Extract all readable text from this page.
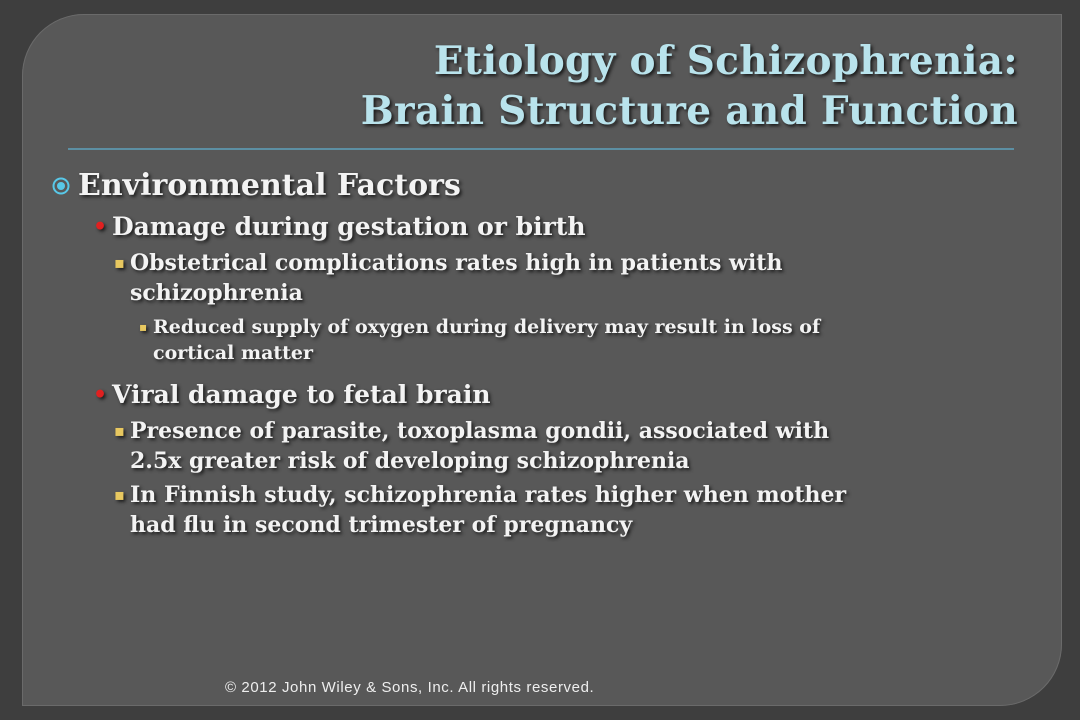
Etiology of Schizophrenia:
Brain Structure and Function
Environmental Factors
• Damage during gestation or birth
▪ Obstetrical complications rates high in patients with
schizophrenia
▪ Reduced supply of oxygen during delivery may result in loss of
cortical matter
• Viral damage to fetal brain
▪ Presence of parasite, toxoplasma gondii, associated with
2.5x greater risk of developing schizophrenia
▪ In Finnish study, schizophrenia rates higher when mother
had flu in second trimester of pregnancy
© 2012 John Wiley & Sons, Inc. All rights reserved.
